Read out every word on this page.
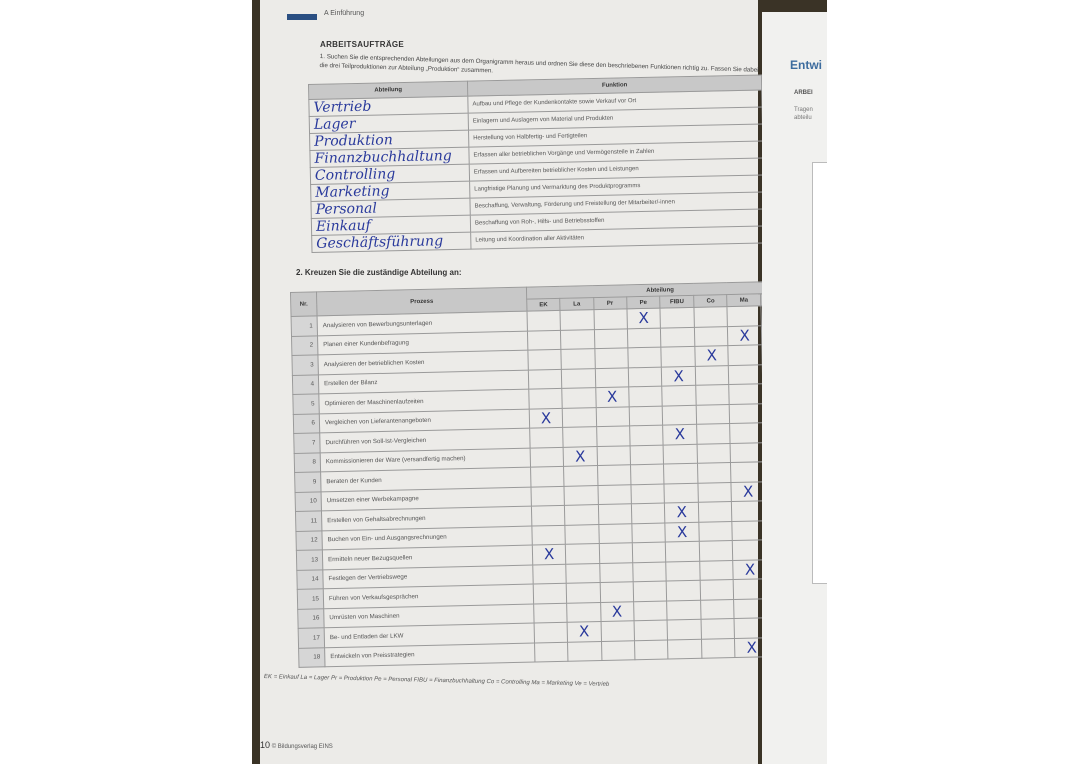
A Einführung
ARBEITSAUFTRÄGE
1. Suchen Sie die entsprechenden Abteilungen aus dem Organigramm heraus und ordnen Sie diese den beschriebenen Funktionen richtig zu. Fassen Sie dabei die drei Teilproduktionen zur Abteilung „Produktion“ zusammen.
Abteilung	Funktion
Vertrieb	Aufbau und Pflege der Kundenkontakte sowie Verkauf vor Ort
Lager	Einlagern und Auslagern von Material und Produkten
Produktion	Herstellung von Halbfertig- und Fertigteilen
Finanzbuchhaltung	Erfassen aller betrieblichen Vorgänge und Vermögensteile in Zahlen
Controlling	Erfassen und Aufbereiten betrieblicher Kosten und Leistungen
Marketing	Langfristige Planung und Vermarktung des Produktprogramms
Personal	Beschaffung, Verwaltung, Förderung und Freistellung der Mitarbeiter/-innen
Einkauf	Beschaffung von Roh-, Hilfs- und Betriebsstoffen
Geschäftsführung	Leitung und Koordination aller Aktivitäten
2. Kreuzen Sie die zuständige Abteilung an:
Nr.	Prozess	Abteilung							
		EK	La	Pr	Pe	FIBU	Co	Ma	
1	Analysieren von Bewerbungsunterlagen				X				
2	Planen einer Kundenbefragung							X	
3	Analysieren der betrieblichen Kosten						X		
4	Erstellen der Bilanz					X			
5	Optimieren der Maschinenlaufzeiten			X					
6	Vergleichen von Lieferantenangeboten	X							
7	Durchführen von Soll-Ist-Vergleichen					X			
8	Kommissionieren der Ware (versandfertig machen)		X						
9	Beraten der Kunden								
10	Umsetzen einer Werbekampagne							X	
11	Erstellen von Gehaltsabrechnungen					X			
12	Buchen von Ein- und Ausgangsrechnungen					X			
13	Ermitteln neuer Bezugsquellen	X							
14	Festlegen der Vertriebswege							X	
15	Führen von Verkaufsgesprächen								
16	Umrüsten von Maschinen			X					
17	Be- und Entladen der LKW		X						
18	Entwickeln von Preisstrategien							X	
EK = Einkauf La = Lager Pr = Produktion Pe = Personal FIBU = Finanzbuchhaltung Co = Controlling Ma = Marketing Ve = Vertrieb
10 © Bildungsverlag EINS
Entwi
ARBEI
Tragen abteilu
